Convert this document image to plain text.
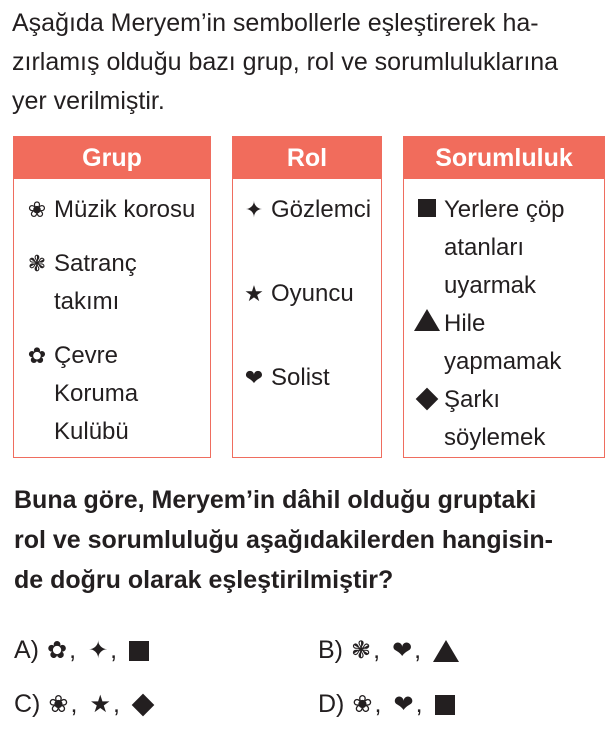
Aşağıda Meryem’in sembollerle eşleştirerek ha-
zırlamış olduğu bazı grup, rol ve sorumluluklarına
yer verilmiştir.
Grup
❀ Müzik korosu
❃ Satranç
takımı
✿ Çevre
Koruma
Kulübü
Rol
✦ Gözlemci
★ Oyuncu
❤ Solist
Sorumluluk
Yerlere çöp
atanları
uyarmak
Hile
yapmamak
Şarkı
söylemek
Buna göre, Meryem’in dâhil olduğu gruptaki
rol ve sorumluluğu aşağıdakilerden hangisin-
de doğru olarak eşleştirilmiştir?
A) ✿ , ✦ ,	B) ❃ , ❤ ,
C) ❀ , ★ ,	D) ❀ , ❤ ,
